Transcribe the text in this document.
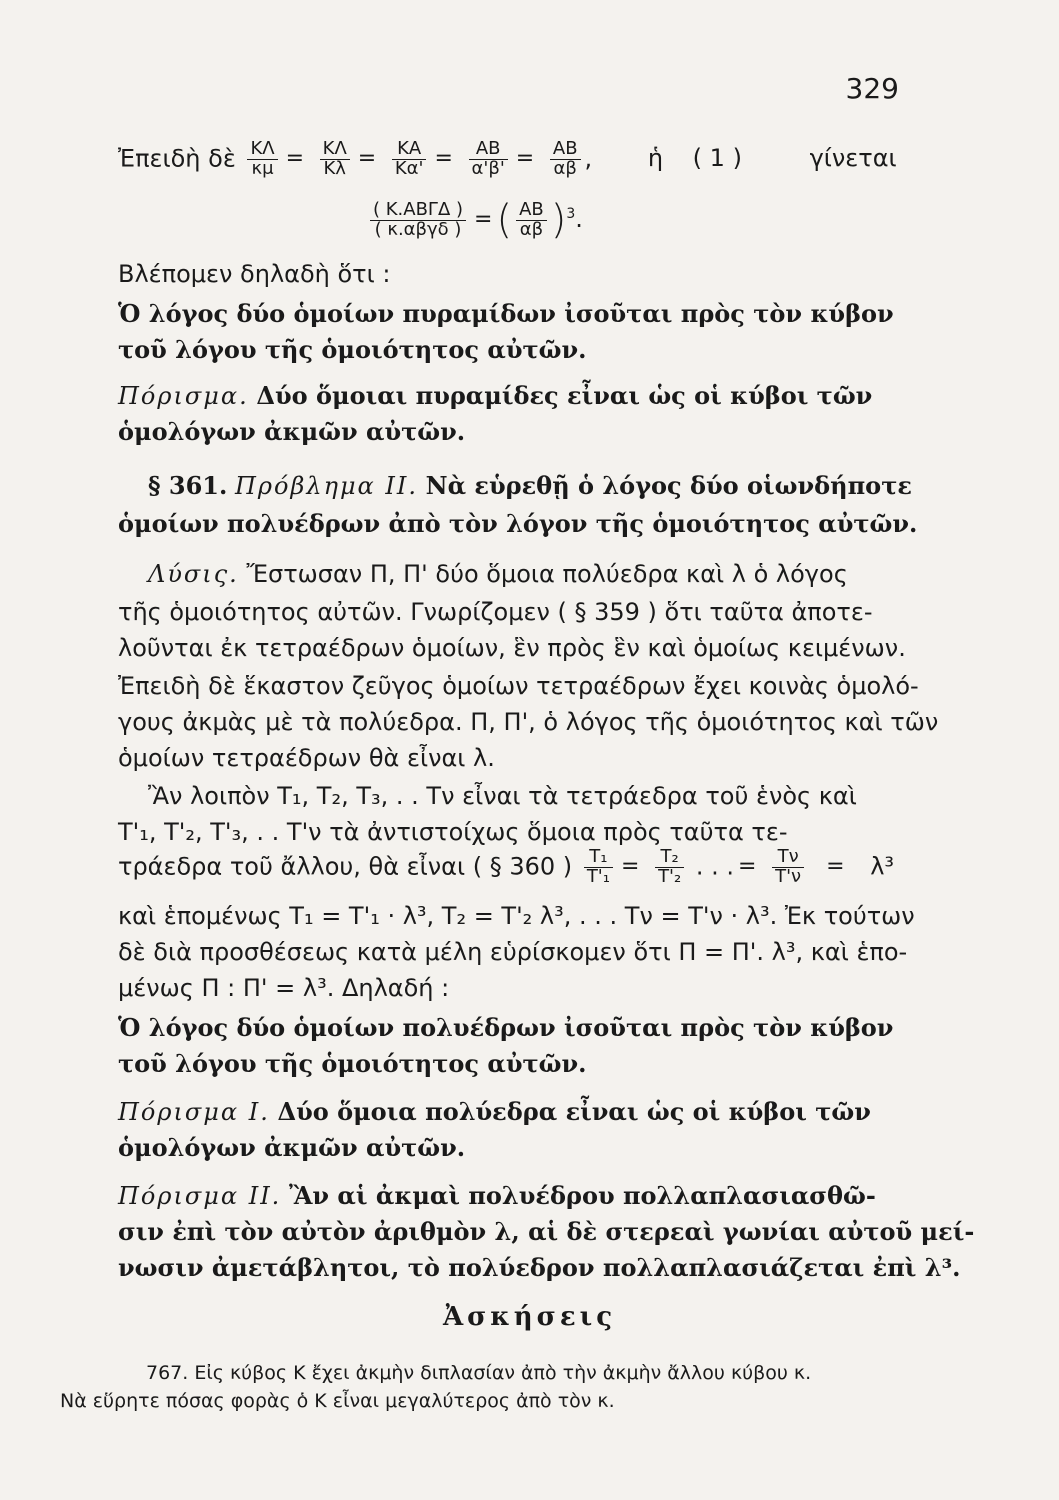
329
Ἐπειδὴ δὲ $\frac{K\Lambda}{\kappa\mu} = \frac{K\Lambda}{K\lambda} = \frac{KA}{K\alpha'} = \frac{AB}{\alpha'\beta'} = \frac{AB}{\alpha\beta}$ , ἡ ( 1 )	γίνεται
$\frac{\text{( Κ.ΑΒΓΔ )}}{\text{( κ.αβγδ )}}$ = ( $\frac{AB}{\alpha\beta} )^3$.
Βλέπομεν δηλαδὴ ὅτι :
Ὁ λόγος δύο ὁμοίων πυραμίδων ἰσοῦται πρὸς τὸν κύβον
τοῦ λόγου τῆς ὁμοιότητος αὐτῶν.
Πόρισμα. Δύο ὅμοιαι πυραμίδες εἶναι ὡς οἱ κύβοι τῶν
ὁμολόγων ἀκμῶν αὐτῶν.
§ 361. Πρόβλημα ΙΙ. Νὰ εὑρεθῇ ὁ λόγος δύο οἱωνδήποτε
ὁμοίων πολυέδρων ἀπὸ τὸν λόγον τῆς ὁμοιότητος αὐτῶν.
Λύσις. Ἔστωσαν Π, Π' δύο ὅμοια πολύεδρα καὶ λ ὁ λόγος
τῆς ὁμοιότητος αὐτῶν. Γνωρίζομεν ( § 359 ) ὅτι ταῦτα ἀποτε-
λοῦνται ἐκ τετραέδρων ὁμοίων, ἓν πρὸς ἓν καὶ ὁμοίως κειμένων.
Ἐπειδὴ δὲ ἕκαστον ζεῦγος ὁμοίων τετραέδρων ἔχει κοινὰς ὁμολό-
γους ἀκμὰς μὲ τὰ πολύεδρα. Π, Π', ὁ λόγος τῆς ὁμοιότητος καὶ τῶν
ὁμοίων τετραέδρων θὰ εἶναι λ.
Ἂν λοιπὸν Τ₁, Τ₂, Τ₃, . . Τν εἶναι τὰ τετράεδρα τοῦ ἑνὸς καὶ
Τ'₁, Τ'₂, Τ'₃, . . Τ'ν τὰ ἀντιστοίχως ὅμοια πρὸς ταῦτα τε-
τράεδρα τοῦ ἄλλου, θὰ εἶναι ( § 360 ) $\frac{\text{Τ₁}}{\text{Τ'₁}} = \frac{\text{Τ₂}}{\text{Τ'₂}}$ . . . = $\frac{T\nu}{T'\nu} = \lambda^3$
καὶ ἑπομένως Τ₁ = Τ'₁ · λ³, Τ₂ = Τ'₂ λ³, . . . Τν = Τ'ν · λ³. Ἐκ τούτων
δὲ διὰ προσθέσεως κατὰ μέλη εὑρίσκομεν ὅτι Π = Π'. λ³, καὶ ἑπο-
μένως Π : Π' = λ³. Δηλαδή :
Ὁ λόγος δύο ὁμοίων πολυέδρων ἰσοῦται πρὸς τὸν κύβον
τοῦ λόγου τῆς ὁμοιότητος αὐτῶν.
Πόρισμα Ι. Δύο ὅμοια πολύεδρα εἶναι ὡς οἱ κύβοι τῶν
ὁμολόγων ἀκμῶν αὐτῶν.
Πόρισμα ΙΙ. Ἂν αἱ ἀκμαὶ πολυέδρου πολλαπλασιασθῶ-
σιν ἐπὶ τὸν αὐτὸν ἀριθμὸν λ, αἱ δὲ στερεαὶ γωνίαι αὐτοῦ μεί-
νωσιν ἀμετάβλητοι, τὸ πολύεδρον πολλαπλασιάζεται ἐπὶ λ³.
Ἀσκήσεις
767. Εἰς κύβος Κ ἔχει ἀκμὴν διπλασίαν ἀπὸ τὴν ἀκμὴν ἄλλου κύβου κ.
Νὰ εὕρητε πόσας φορὰς ὁ Κ εἶναι μεγαλύτερος ἀπὸ τὸν κ.
